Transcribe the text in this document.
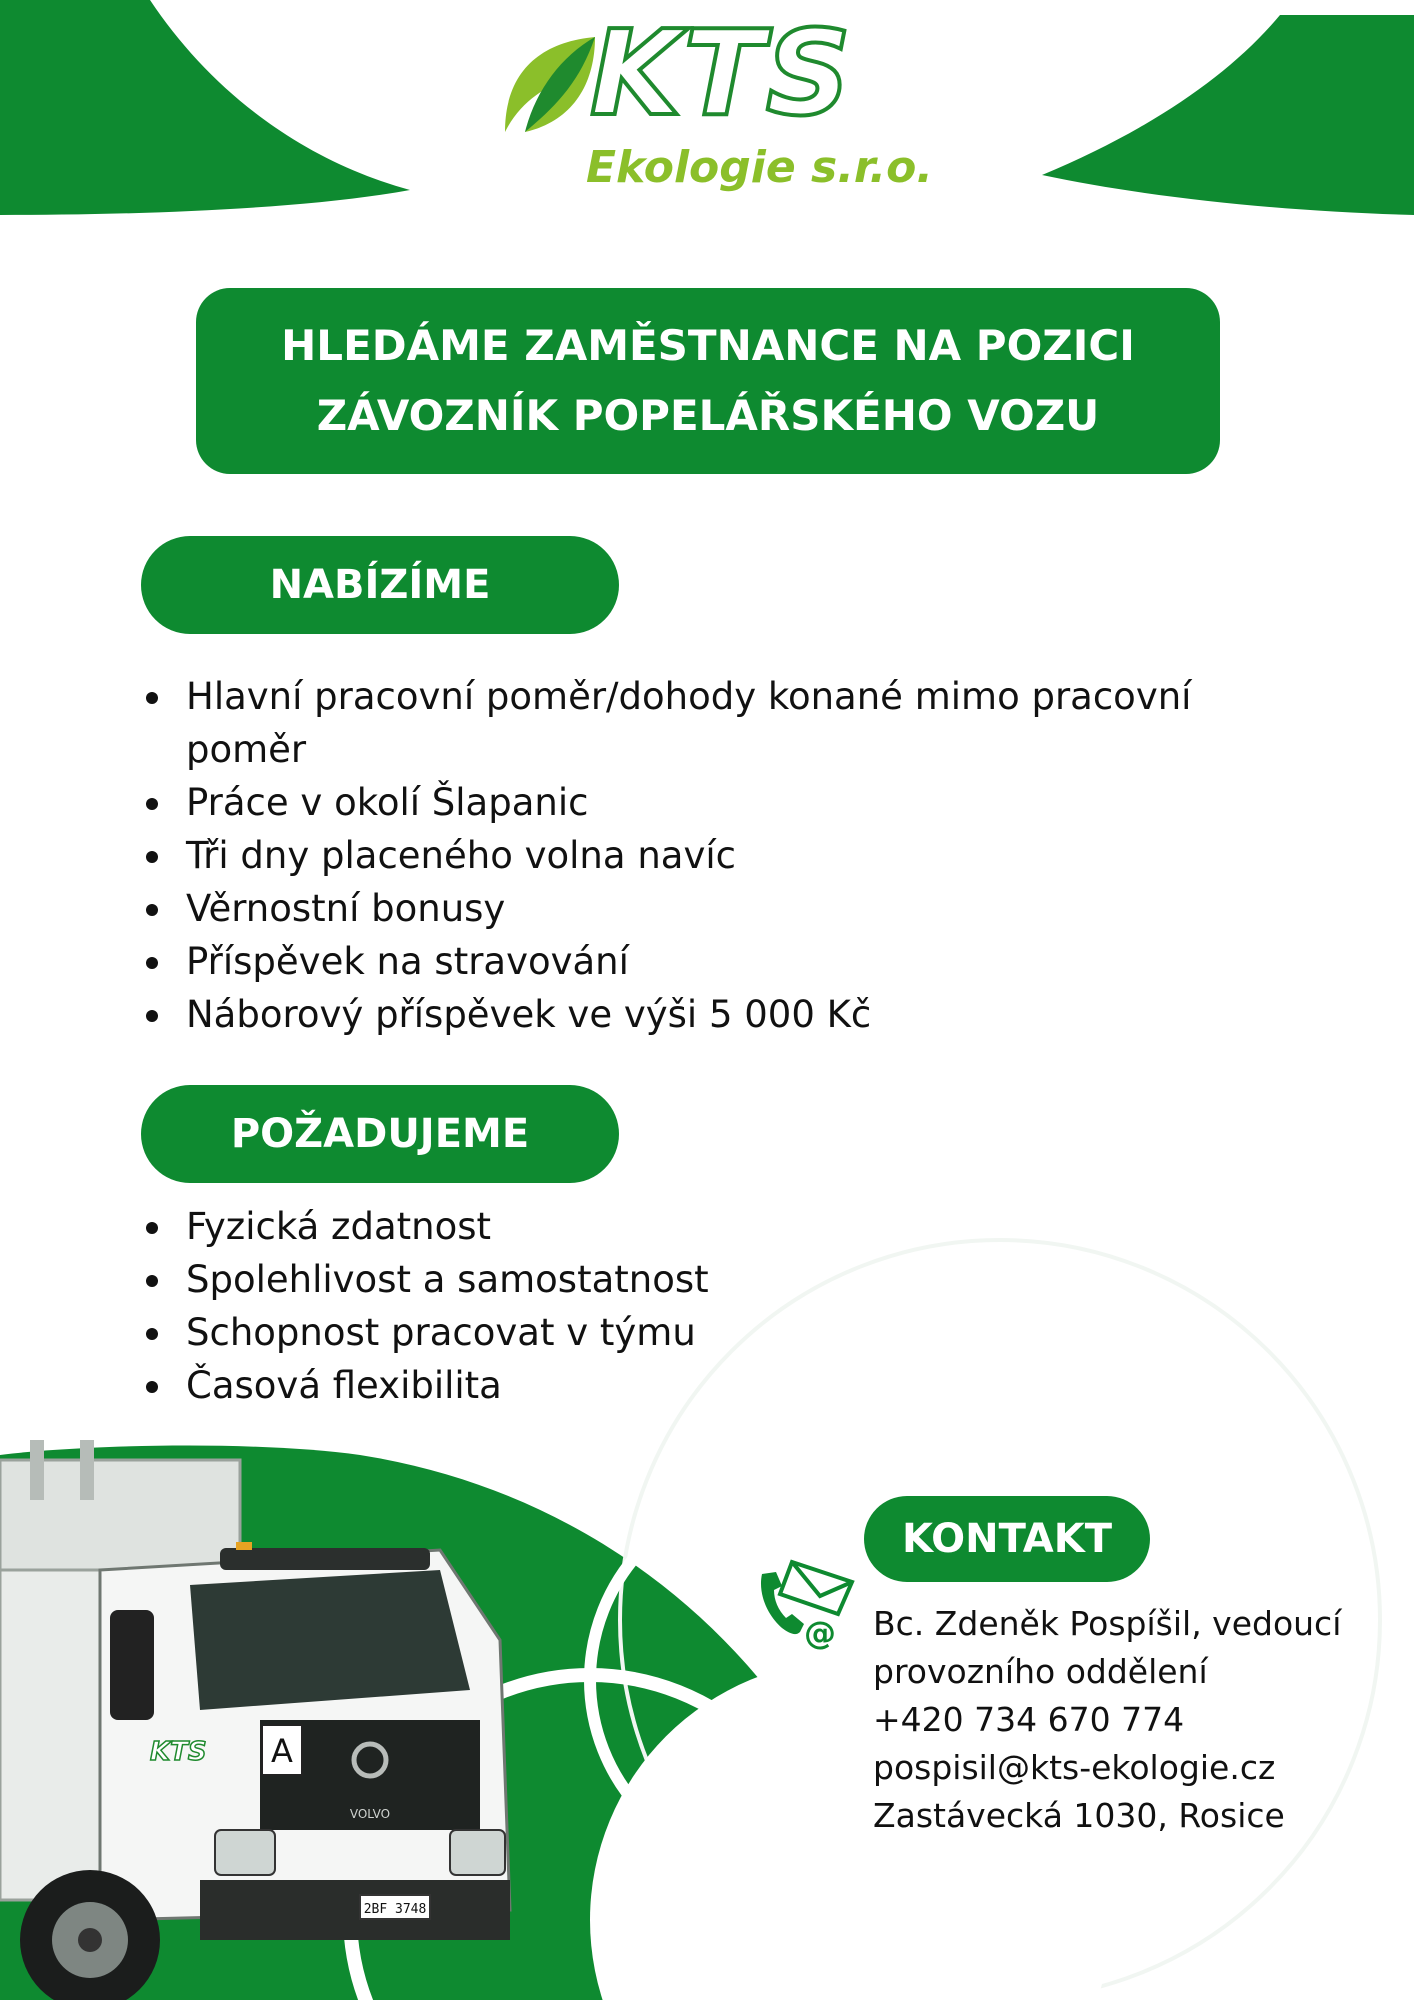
KTS
Ekologie s.r.o.
HLEDÁME ZAMĚSTNANCE NA POZICI
ZÁVOZNÍK POPELÁŘSKÉHO VOZU
NABÍZÍME
Hlavní pracovní poměr/dohody konané mimo pracovní poměr
Práce v okolí Šlapanic
Tři dny placeného volna navíc
Věrnostní bonusy
Příspěvek na stravování
Náborový příspěvek ve výši 5 000 Kč
POŽADUJEME
Fyzická zdatnost
Spolehlivost a samostatnost
Schopnost pracovat v týmu
Časová flexibilita
A
VOLVO
2BF 3748
KTS
KONTAKT
@ Bc. Zdeněk Pospíšil, vedoucí
provozního oddělení
+420 734 670 774
pospisil@kts-ekologie.cz
Zastávecká 1030, Rosice
